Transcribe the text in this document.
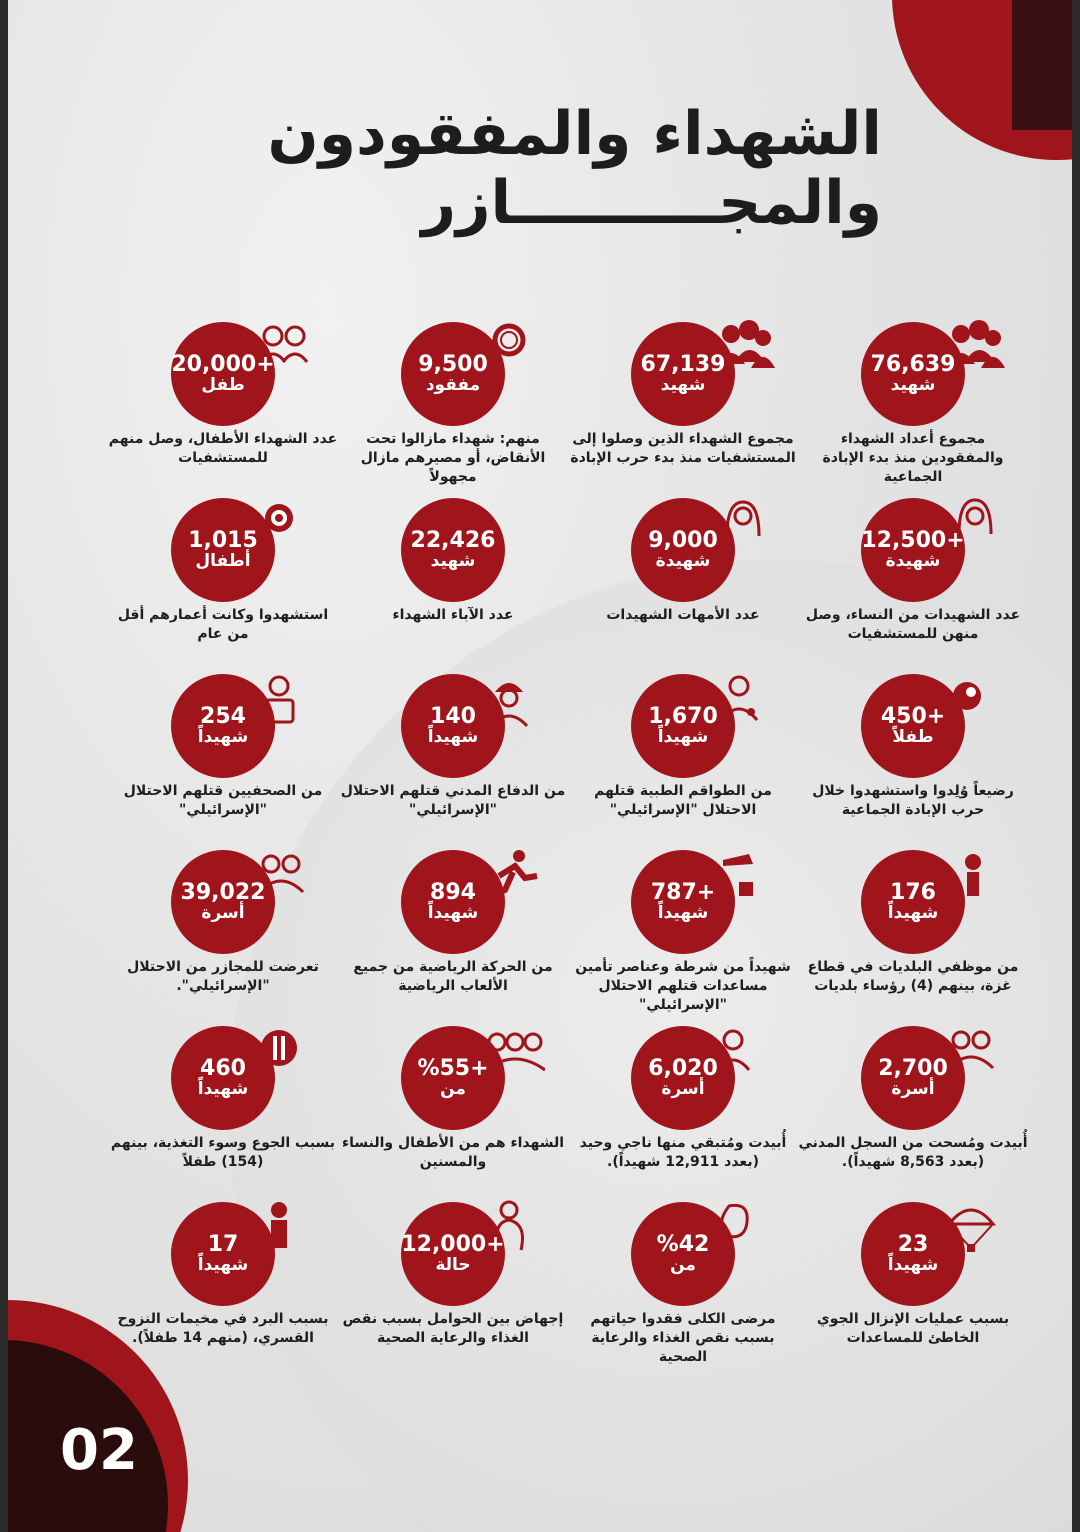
02
الشهداء والمفقودون
والمجــــــــــازر
76,639
شهيد
مجموع أعداد الشهداء والمفقودين منذ بدء الإبادة الجماعية
67,139
شهيد
مجموع الشهداء الذين وصلوا إلى المستشفيات منذ بدء حرب الإبادة
9,500
مفقود
منهم: شهداء مازالوا تحت الأنقاض، أو مصيرهم مازال مجهولاً
20,000+
طفل
عدد الشهداء الأطفال، وصل منهم للمستشفيات
12,500+
شهيدة
عدد الشهيدات من النساء، وصل منهن للمستشفيات
9,000
شهيدة
عدد الأمهات الشهيدات
22,426
شهيد
عدد الآباء الشهداء
1,015
أطفال
استشهدوا وكانت أعمارهم أقل من عام
450+
طفلاً
رضيعاً وُلِدوا واستشهدوا خلال حرب الإبادة الجماعية
1,670
شهيداً
من الطواقم الطبية قتلهم الاحتلال "الإسرائيلي"
140
شهيداً
من الدفاع المدني قتلهم الاحتلال "الإسرائيلي"
254
شهيداً
من الصحفيين قتلهم الاحتلال "الإسرائيلي"
176
شهيداً
من موظفي البلديات في قطاع غزة، بينهم (4) رؤساء بلديات
787+
شهيداً
شهيداً من شرطة وعناصر تأمين مساعدات قتلهم الاحتلال "الإسرائيلي"
894
شهيداً
من الحركة الرياضية من جميع الألعاب الرياضية
39,022
أسرة
تعرضت للمجازر من الاحتلال "الإسرائيلي".
2,700
أسرة
أُبيدت ومُسحت من السجل المدني (بعدد 8,563 شهيداً).
6,020
أسرة
أُبيدت ومُتبقي منها ناجي وحيد (بعدد 12,911 شهيداً).
%55+
من
الشهداء هم من الأطفال والنساء والمسنين
460
شهيداً
بسبب الجوع وسوء التغذية، بينهم (154) طفلاً
23
شهيداً
بسبب عمليات الإنزال الجوي الخاطئ للمساعدات
%42
من
مرضى الكلى فقدوا حياتهم بسبب نقص الغذاء والرعاية الصحية
12,000+
حالة
إجهاض بين الحوامل بسبب نقص الغذاء والرعاية الصحية
17
شهيداً
بسبب البرد في مخيمات النزوح القسري، (منهم 14 طفلاً).
